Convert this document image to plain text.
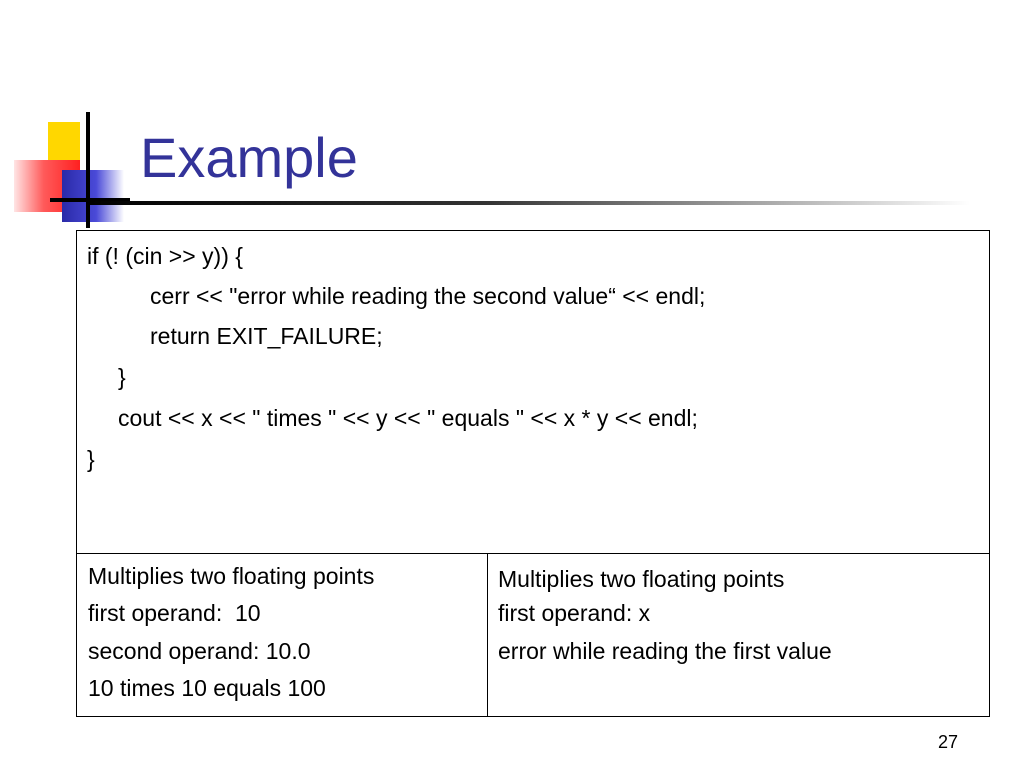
Example
if (! (cin >> y)) {
cerr << "error while reading the second value“ << endl;
return EXIT_FAILURE;
}
cout << x << " times " << y << " equals " << x * y << endl;
}
Multiplies two floating points
first operand:  10
second operand: 10.0
10 times 10 equals 100
Multiplies two floating points
first operand: x
error while reading the first value
27
